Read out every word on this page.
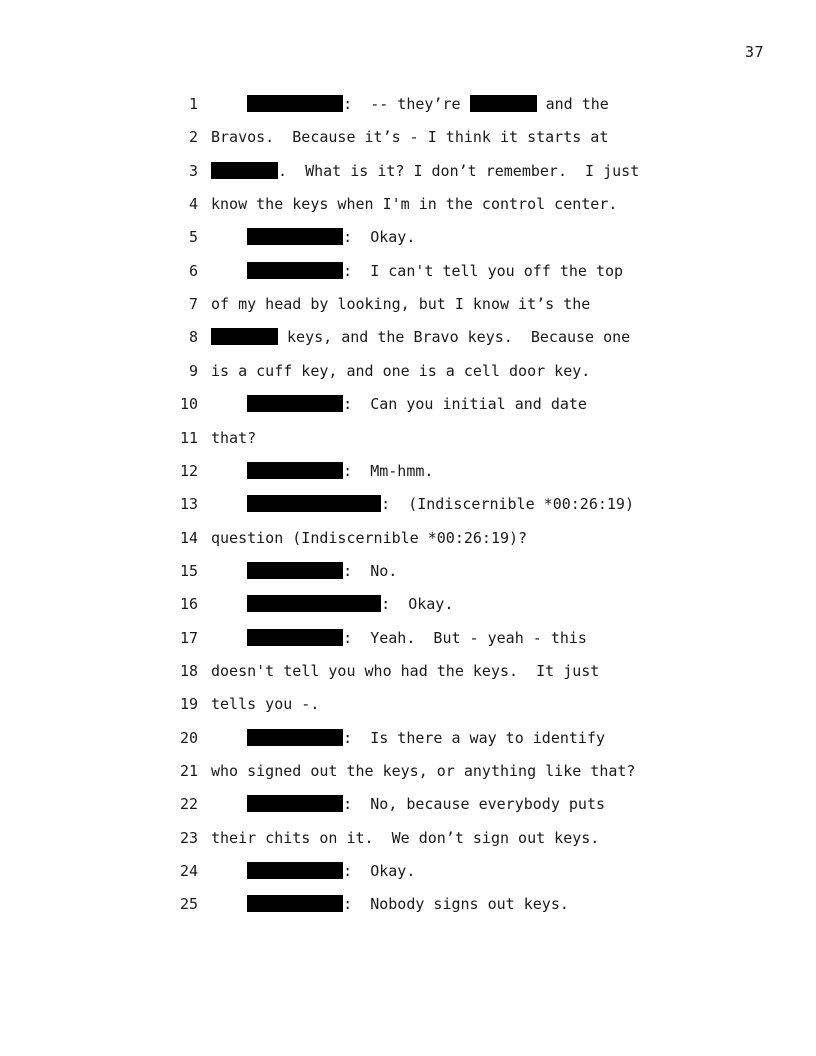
37
1	:  -- they’re	and the
2 Bravos.  Because it’s - I think it starts at
3	.  What is it? I don’t remember.  I just
4 know the keys when I'm in the control center.
5	:  Okay.
6	:  I can't tell you off the top
7 of my head by looking, but I know it’s the
8	keys, and the Bravo keys.  Because one
9 is a cuff key, and one is a cell door key.
10	:  Can you initial and date
11 that?
12	:  Mm-hmm.
13	:  (Indiscernible *00:26:19)
14 question (Indiscernible *00:26:19)?
15	:  No.
16	:  Okay.
17	:  Yeah.  But - yeah - this
18 doesn't tell you who had the keys.  It just
19 tells you -.
20	:  Is there a way to identify
21 who signed out the keys, or anything like that?
22	:  No, because everybody puts
23 their chits on it.  We don’t sign out keys.
24	:  Okay.
25	:  Nobody signs out keys.
